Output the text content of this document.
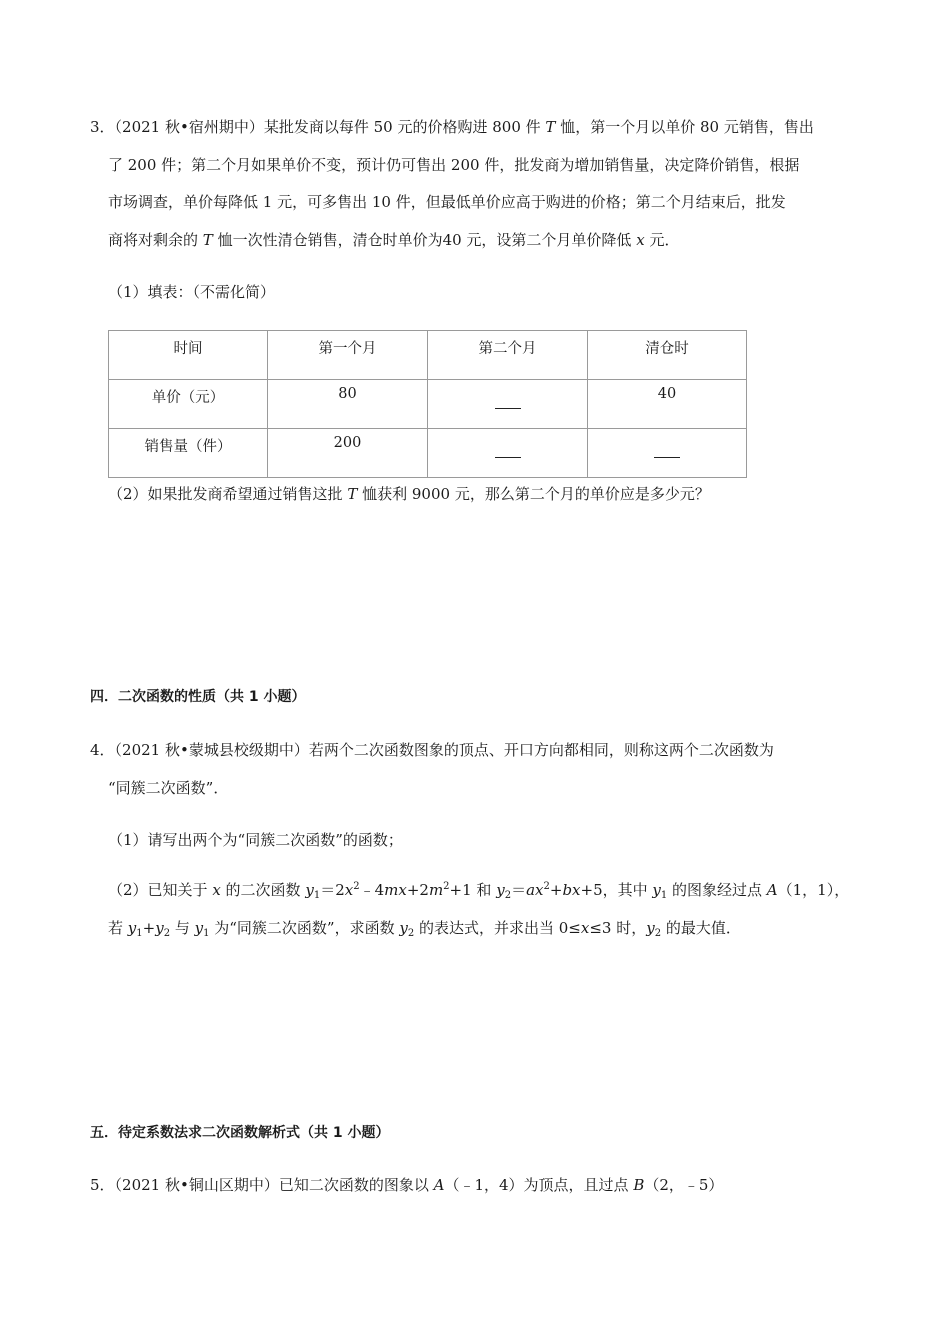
3．（2021 秋•宿州期中）某批发商以每件 50 元的价格购进 800 件 T 恤，第一个月以单价 80 元销售，售出
了 200 件；第二个月如果单价不变，预计仍可售出 200 件，批发商为增加销售量，决定降价销售，根据
市场调查，单价每降低 1 元，可多售出 10 件，但最低单价应高于购进的价格；第二个月结束后，批发
商将对剩余的 T 恤一次性清仓销售，清仓时单价为40 元，设第二个月单价降低 x 元．
（1）填表：（不需化简）
时间	第一个月	第二个月	清仓时
单价（元）	80		40
销售量（件）	200		
（2）如果批发商希望通过销售这批 T 恤获利 9000 元，那么第二个月的单价应是多少元？
四．二次函数的性质（共 1 小题）
4．（2021 秋•蒙城县校级期中）若两个二次函数图象的顶点、开口方向都相同，则称这两个二次函数为
“同簇二次函数”．
（1）请写出两个为“同簇二次函数”的函数；
（2）已知关于 x 的二次函数 $y_1=2x^2﹣4mx+2m^2+1$ 和 $y_2=ax^2+bx+5$，其中 $y_1$ 的图象经过点 A（1，1），
若 $y_1+y_2$ 与 $y_1$ 为“同簇二次函数”，求函数 $y_2$ 的表达式，并求出当 0≤x≤3 时，$y_2$ 的最大值．
五．待定系数法求二次函数解析式（共 1 小题）
5．（2021 秋•铜山区期中）已知二次函数的图象以 A（﹣1，4）为顶点，且过点 B（2，﹣5）
